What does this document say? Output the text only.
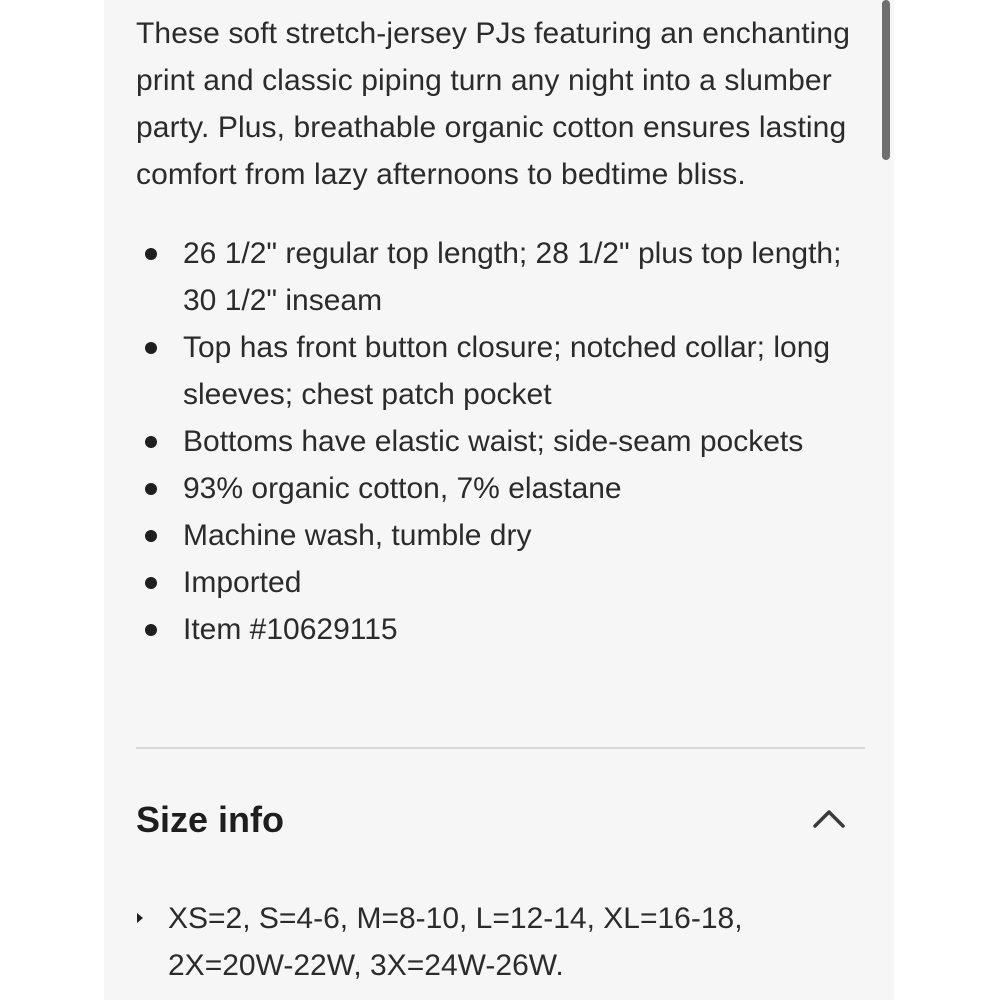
These soft stretch-jersey PJs featuring an enchanting print and classic piping turn any night into a slumber party. Plus, breathable organic cotton ensures lasting comfort from lazy afternoons to bedtime bliss.

26 1/2" regular top length; 28 1/2" plus top length; 30 1/2" inseam
Top has front button closure; notched collar; long sleeves; chest patch pocket
Bottoms have elastic waist; side-seam pockets
93% organic cotton, 7% elastane
Machine wash, tumble dry
Imported
Item #10629115
Size info

XS=2, S=4-6, M=8-10, L=12-14, XL=16-18, 2X=20W-22W, 3X=24W-26W.
